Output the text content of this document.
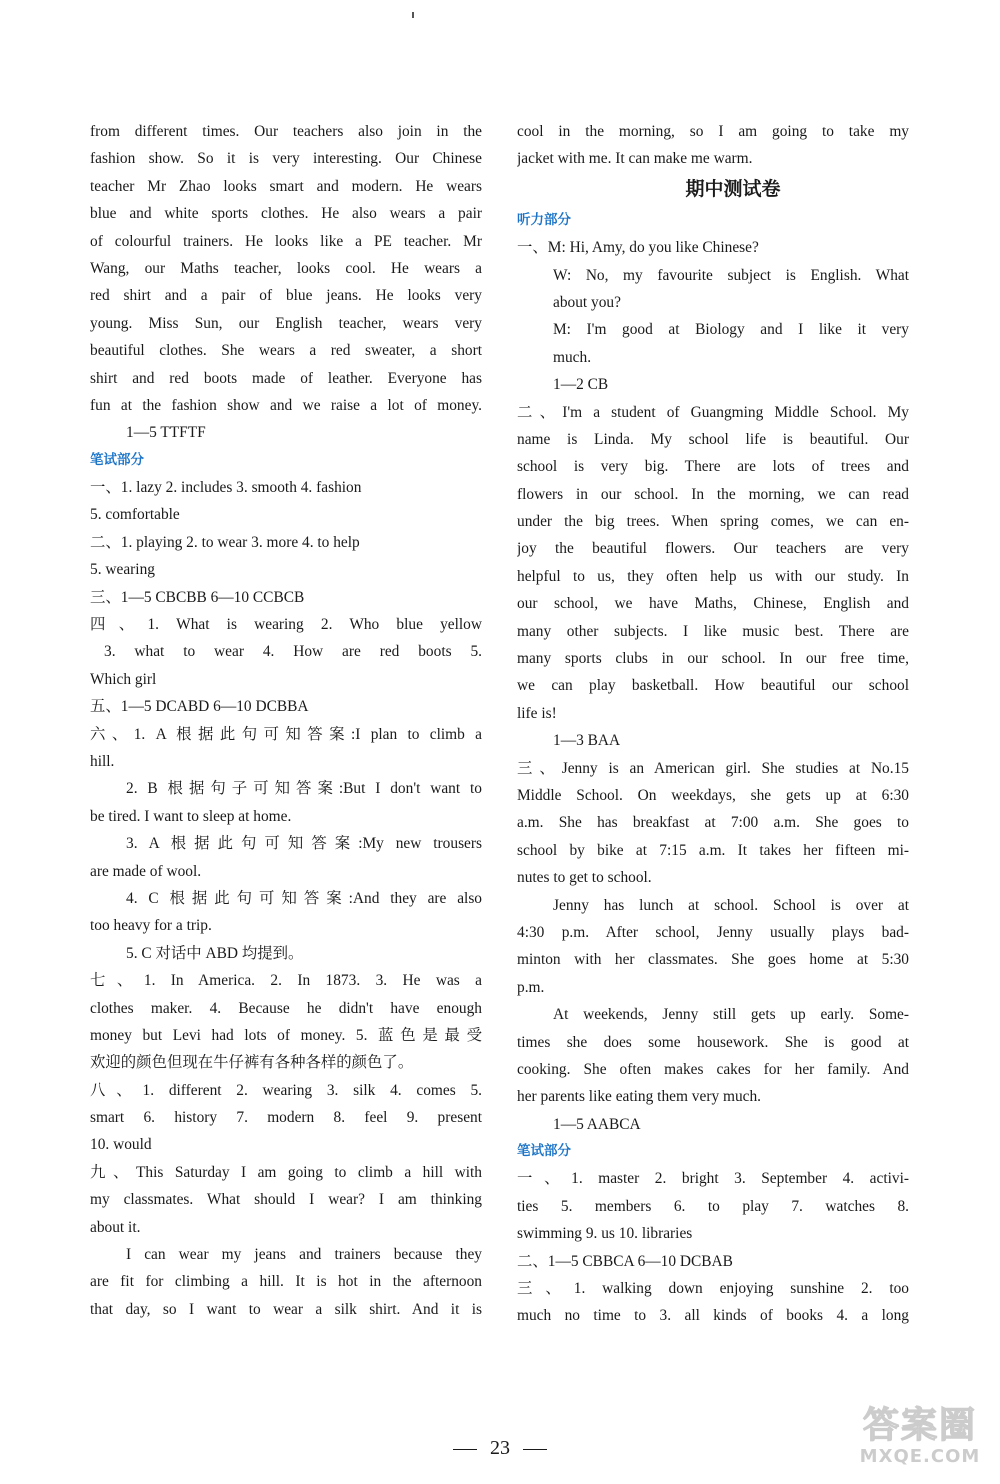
from different times. Our teachers also join in the
fashion show. So it is very interesting. Our Chinese
teacher Mr Zhao looks smart and modern. He wears
blue and white sports clothes. He also wears a pair
of colourful trainers. He looks like a PE teacher. Mr
Wang, our Maths teacher, looks cool. He wears a
red shirt and a pair of blue jeans. He looks very
young. Miss Sun, our English teacher, wears very
beautiful clothes. She wears a red sweater, a short
shirt and red boots made of leather. Everyone has
fun at the fashion show and we raise a lot of money.
1—5 TTFTF
笔试部分
一、1. lazy 2. includes 3. smooth 4. fashion
5. comfortable
二、1. playing 2. to wear 3. more 4. to help
5. wearing
三、1—5 CBCBB 6—10 CCBCB
四、1. What is wearing 2. Who blue yellow
3. what to wear 4. How are red boots 5.
Which girl
五、1—5 DCABD 6—10 DCBBA
六、1. A 根据此句可知答案:I plan to climb a
hill.
2. B 根据句子可知答案:But I don't want to
be tired. I want to sleep at home.
3. A 根据此句可知答案:My new trousers
are made of wool.
4. C 根据此句可知答案:And they are also
too heavy for a trip.
5. C 对话中 ABD 均提到。
七、1. In America. 2. In 1873. 3. He was a
clothes maker. 4. Because he didn't have enough
money but Levi had lots of money. 5. 蓝色是最受
欢迎的颜色但现在牛仔裤有各种各样的颜色了。
八、1. different 2. wearing 3. silk 4. comes 5.
smart 6. history 7. modern 8. feel 9. present
10. would
九、This Saturday I am going to climb a hill with
my classmates. What should I wear? I am thinking
about it.
I can wear my jeans and trainers because they
are fit for climbing a hill. It is hot in the afternoon
that day, so I want to wear a silk shirt. And it is
cool in the morning, so I am going to take my
jacket with me. It can make me warm.
期中测试卷
听力部分
一、M: Hi, Amy, do you like Chinese?
W: No, my favourite subject is English. What
about you?
M: I'm good at Biology and I like it very
much.
1—2 CB
二、I'm a student of Guangming Middle School. My
name is Linda. My school life is beautiful. Our
school is very big. There are lots of trees and
flowers in our school. In the morning, we can read
under the big trees. When spring comes, we can en-
joy the beautiful flowers. Our teachers are very
helpful to us, they often help us with our study. In
our school, we have Maths, Chinese, English and
many other subjects. I like music best. There are
many sports clubs in our school. In our free time,
we can play basketball. How beautiful our school
life is!
1—3 BAA
三、Jenny is an American girl. She studies at No.15
Middle School. On weekdays, she gets up at 6:30
a.m. She has breakfast at 7:00 a.m. She goes to
school by bike at 7:15 a.m. It takes her fifteen mi-
nutes to get to school.
Jenny has lunch at school. School is over at
4:30 p.m. After school, Jenny usually plays bad-
minton with her classmates. She goes home at 5:30
p.m.
At weekends, Jenny still gets up early. Some-
times she does some housework. She is good at
cooking. She often makes cakes for her family. And
her parents like eating them very much.
1—5 AABCA
笔试部分
一、1. master 2. bright 3. September 4. activi-
ties 5. members 6. to play 7. watches 8.
swimming 9. us 10. libraries
二、1—5 CBBCA 6—10 DCBAB
三、1. walking down enjoying sunshine 2. too
much no time to 3. all kinds of books 4. a long
23
答案圈
MXQE.COM
